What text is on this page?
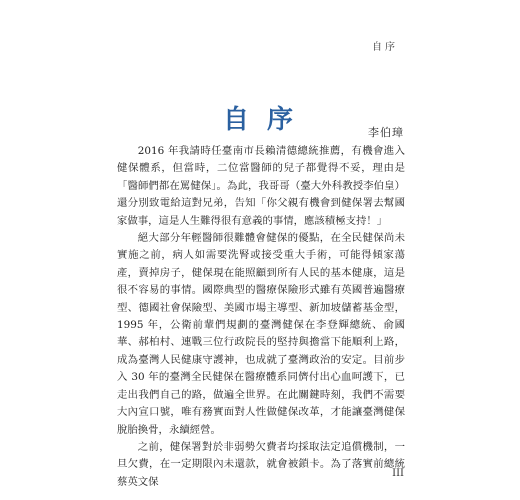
自序
自序	李伯璋

2016 年我請時任臺南市長賴清德總統推薦，有機會進入健保體系，但當時，二位當醫師的兒子都覺得不妥，理由是「醫師們都在罵健保」。為此，我哥哥（臺大外科教授李伯皇）還分別致電給這對兄弟，告知「你父親有機會到健保署去幫國家做事，這是人生難得很有意義的事情，應該積極支持！」

絕大部分年輕醫師很難體會健保的優點，在全民健保尚未實施之前，病人如需要洗腎或接受重大手術，可能得傾家蕩產，賣掉房子，健保現在能照顧到所有人民的基本健康，這是很不容易的事情。國際典型的醫療保險形式雖有英國普遍醫療型、德國社會保險型、美國市場主導型、新加坡儲蓄基金型，1995 年，公衛前輩們規劃的臺灣健保在李登輝總統、俞國華、郝柏村、連戰三位行政院長的堅持與擔當下能順利上路，成為臺灣人民健康守護神，也成就了臺灣政治的安定。目前步入 30 年的臺灣全民健保在醫療體系同儕付出心血呵護下，已走出我們自己的路，做遍全世界。在此關鍵時刻，我們不需要大內宣口號，唯有務實面對人性做健保改革，才能讓臺灣健保脫胎換骨，永續經營。

之前，健保署對於非弱勢欠費者均採取法定追償機制，一旦欠費，在一定期限內未還款，就會被鎖卡。為了落實前總統蔡英文保

III
